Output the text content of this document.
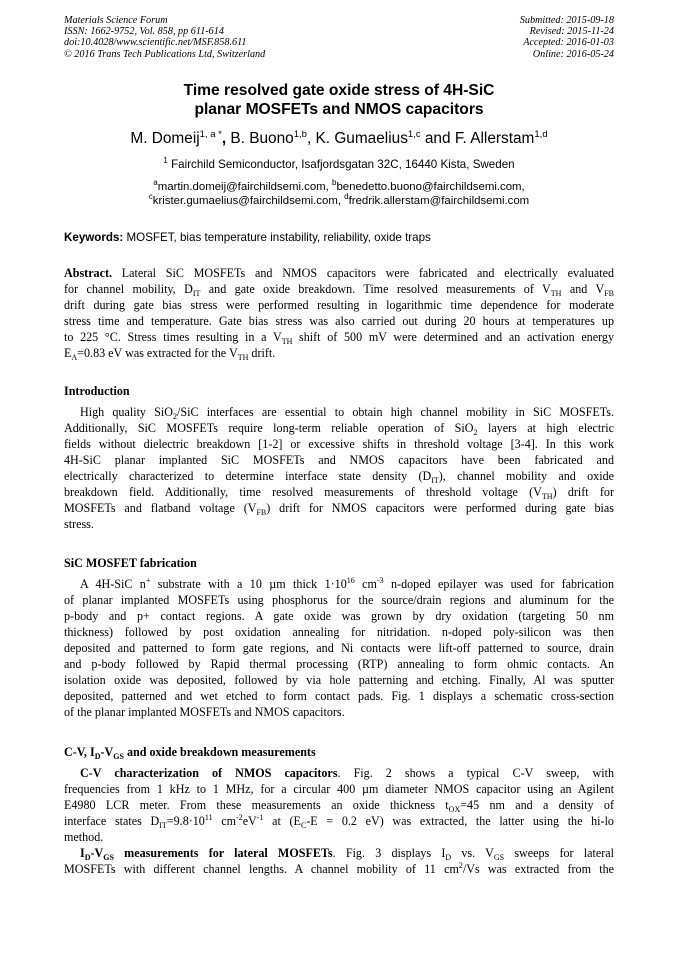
Materials Science Forum
ISSN: 1662-9752, Vol. 858, pp 611-614
doi:10.4028/www.scientific.net/MSF.858.611
© 2016 Trans Tech Publications Ltd, Switzerland
Submitted: 2015-09-18
Revised: 2015-11-24
Accepted: 2016-01-03
Online: 2016-05-24
Time resolved gate oxide stress of 4H-SiC
planar MOSFETs and NMOS capacitors
M. Domeij$^{1, a *}$, B. Buono$^{1,b}$, K. Gumaelius$^{1,c}$ and F. Allerstam$^{1,d}$
$^1$ Fairchild Semiconductor, Isafjordsgatan 32C, 16440 Kista, Sweden
$^a$martin.domeij@fairchildsemi.com, $^b$benedetto.buono@fairchildsemi.com,
$^c$krister.gumaelius@fairchildsemi.com, $^d$fredrik.allerstam@fairchildsemi.com
Keywords: MOSFET, bias temperature instability, reliability, oxide traps
Abstract. Lateral SiC MOSFETs and NMOS capacitors were fabricated and electrically evaluated
for channel mobility, $D_{IT}$ and gate oxide breakdown. Time resolved measurements of $V_{TH}$ and $V_{FB}$
drift during gate bias stress were performed resulting in logarithmic time dependence for moderate
stress time and temperature. Gate bias stress was also carried out during 20 hours at temperatures up
to 225 °C. Stress times resulting in a $V_{TH}$ shift of 500 mV were determined and an activation energy
$E_A=0.83$ eV was extracted for the $V_{TH}$ drift.
Introduction
High quality SiO$_2$/SiC interfaces are essential to obtain high channel mobility in SiC MOSFETs.
Additionally, SiC MOSFETs require long-term reliable operation of SiO$_2$ layers at high electric
fields without dielectric breakdown [1-2] or excessive shifts in threshold voltage [3-4]. In this work
4H-SiC planar implanted SiC MOSFETs and NMOS capacitors have been fabricated and
electrically characterized to determine interface state density $(D_{IT})$, channel mobility and oxide
breakdown field. Additionally, time resolved measurements of threshold voltage $(V_{TH})$ drift for
MOSFETs and flatband voltage $(V_{FB})$ drift for NMOS capacitors were performed during gate bias
stress.
SiC MOSFET fabrication
A 4H-SiC n+ substrate with a 10 µm thick $1\cdot 10^{16}$ $cm^{-3}$ n-doped epilayer was used for fabrication
of planar implanted MOSFETs using phosphorus for the source/drain regions and aluminum for the
p-body and p+ contact regions. A gate oxide was grown by dry oxidation (targeting 50 nm
thickness) followed by post oxidation annealing for nitridation. n-doped poly-silicon was then
deposited and patterned to form gate regions, and Ni contacts were lift-off patterned to source, drain
and p-body followed by Rapid thermal processing (RTP) annealing to form ohmic contacts. An
isolation oxide was deposited, followed by via hole patterning and etching. Finally, Al was sputter
deposited, patterned and wet etched to form contact pads. Fig. 1 displays a schematic cross-section
of the planar implanted MOSFETs and NMOS capacitors.
C-V, $I_D-V_{GS}$ and oxide breakdown measurements
C-V characterization of NMOS capacitors. Fig. 2 shows a typical C-V sweep, with
frequencies from 1 kHz to 1 MHz, for a circular 400 µm diameter NMOS capacitor using an Agilent
E4980 LCR meter. From these measurements an oxide thickness $t_{OX}=45$ nm and a density of
interface states $D_{IT}=9.8\cdot 10^{11}$ $cm^{-2}eV^{-1}$ at ($E_C-E = 0.2$ eV) was extracted, the latter using the hi-lo
method.
$I_D-V_{GS}$ measurements for lateral MOSFETs. Fig. 3 displays $I_D$ vs. $V_{GS}$ sweeps for lateral
MOSFETs with different channel lengths. A channel mobility of 11 $cm^2/Vs$ was extracted from the
